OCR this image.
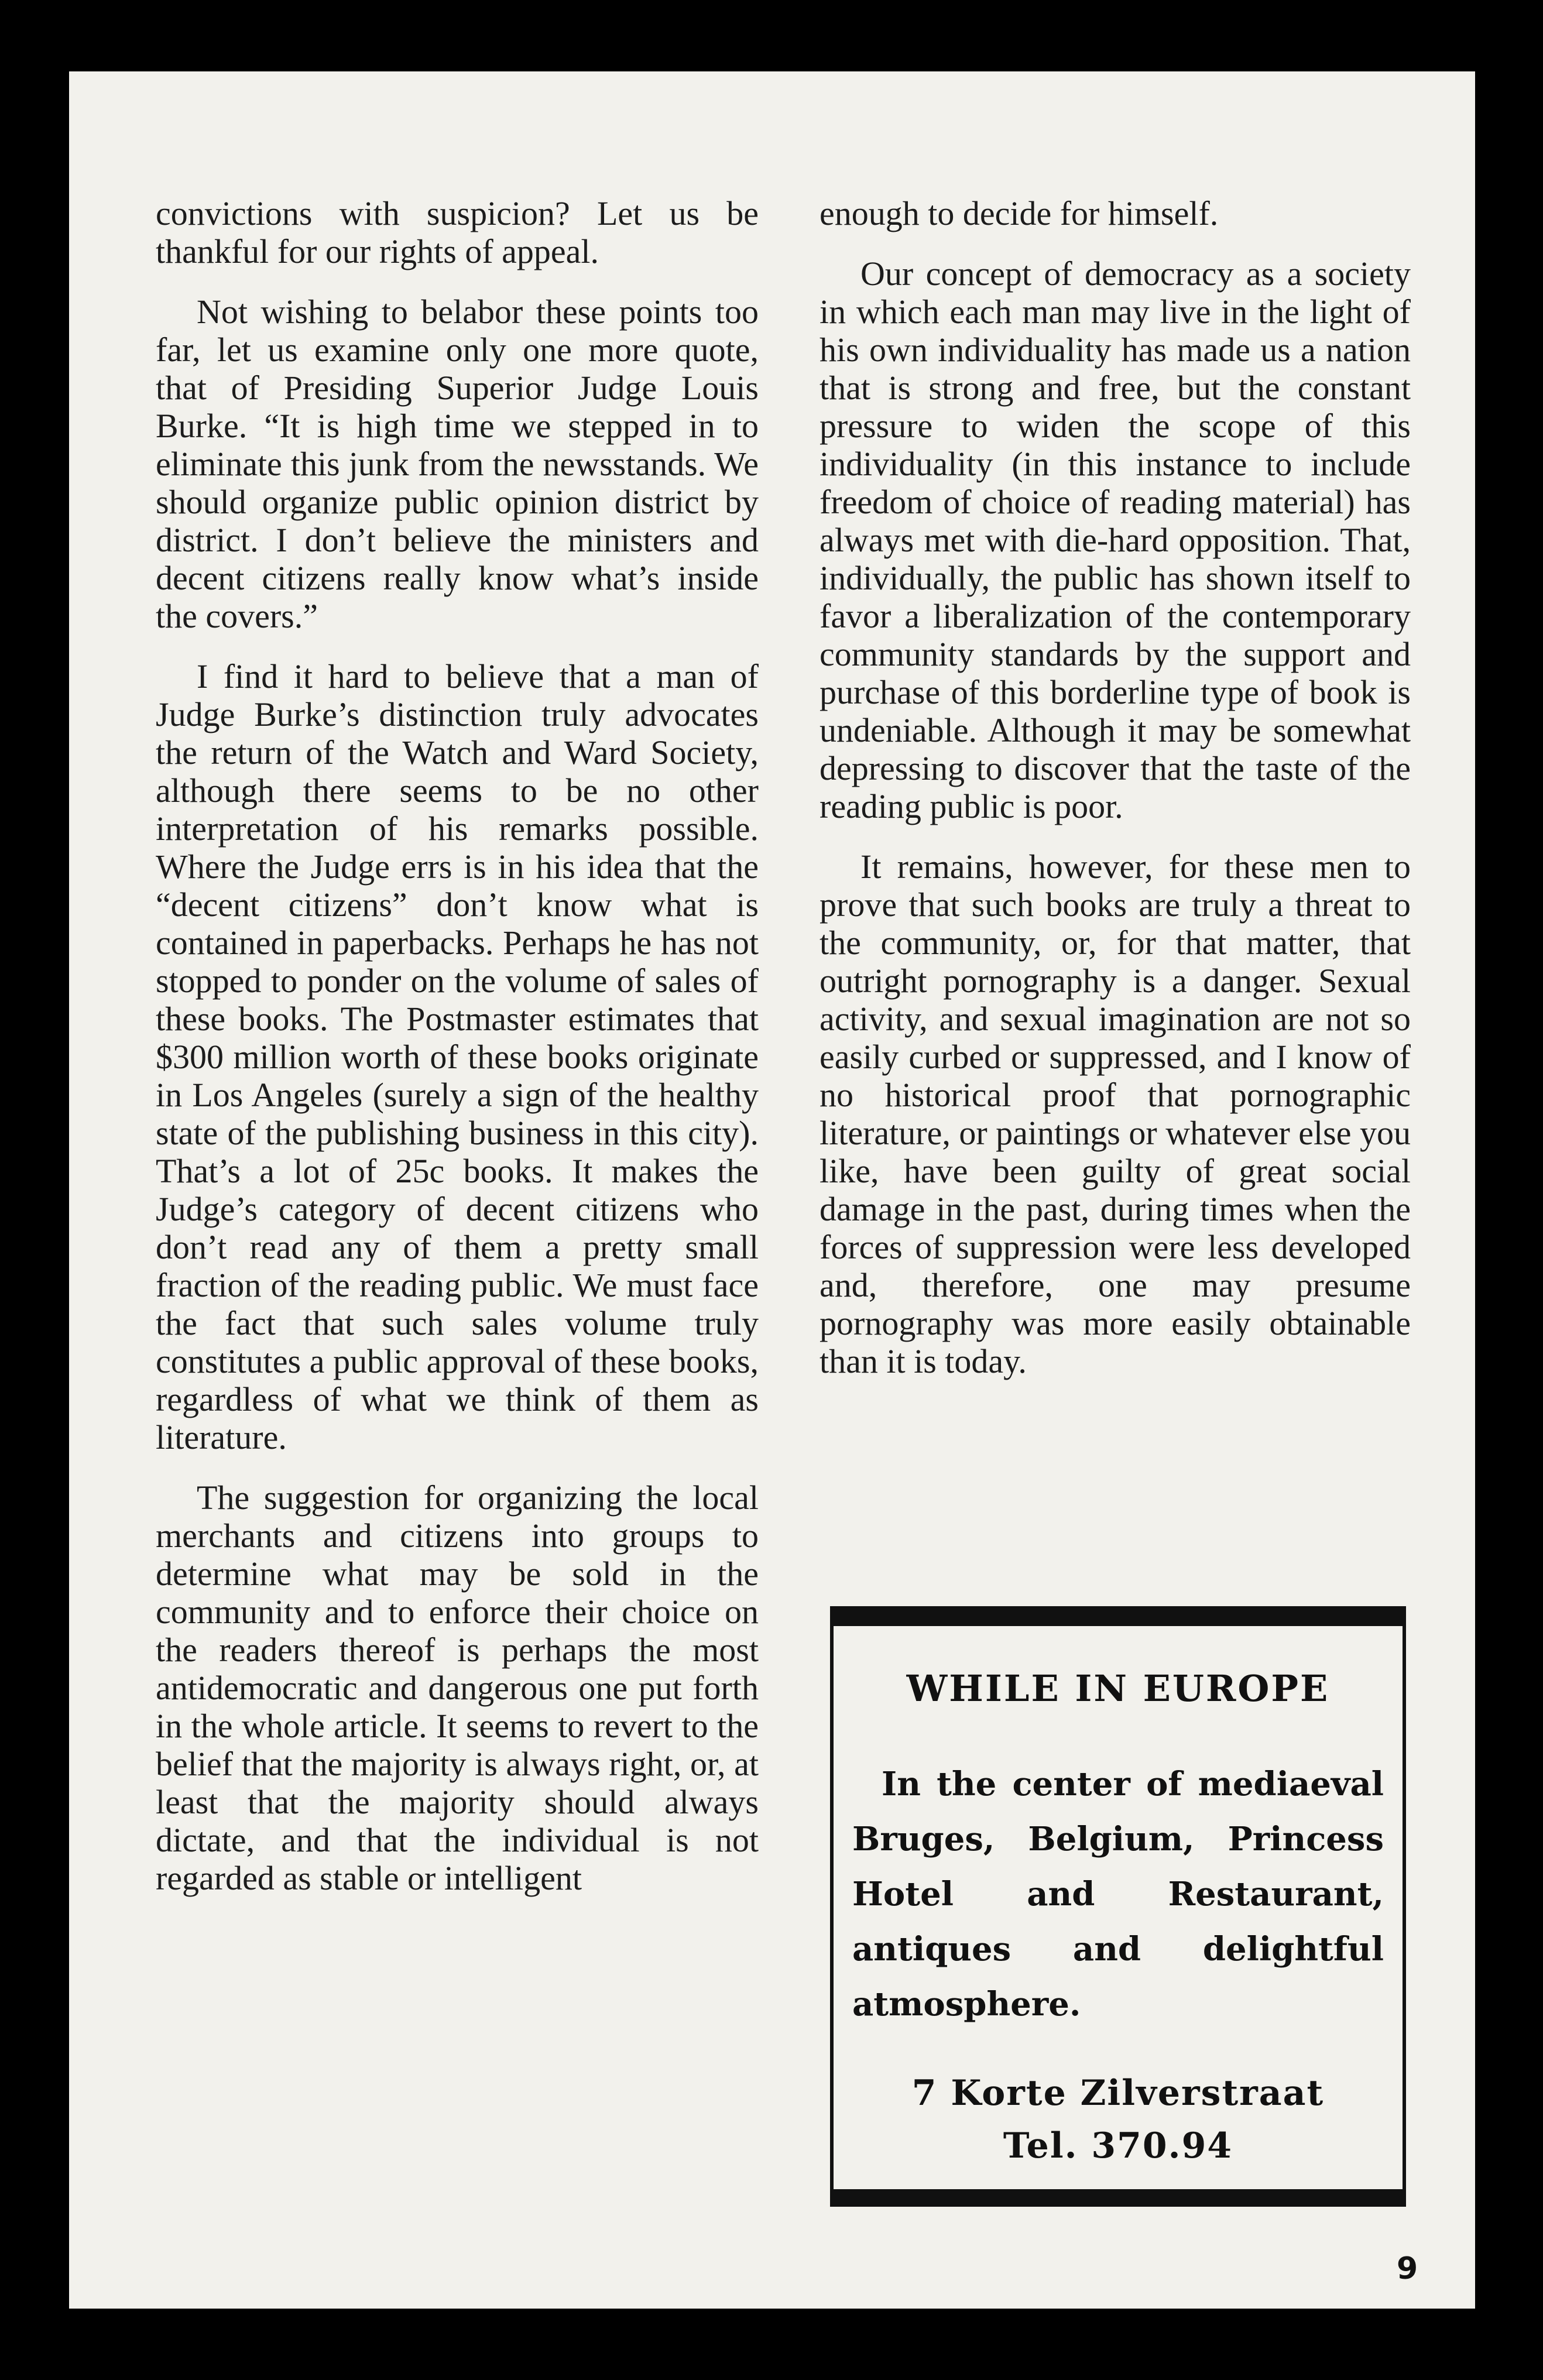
convictions with suspicion? Let us be thankful for our rights of appeal.

Not wishing to belabor these points too far, let us examine only one more quote, that of Presiding Superior Judge Louis Burke. “It is high time we stepped in to eliminate this junk from the newsstands. We should organize public opinion district by district. I don’t believe the ministers and decent citizens really know what’s inside the covers.”

I find it hard to believe that a man of Judge Burke’s distinction truly advocates the return of the Watch and Ward Society, although there seems to be no other interpretation of his remarks possible. Where the Judge errs is in his idea that the “decent citizens” don’t know what is contained in paperbacks. Perhaps he has not stopped to ponder on the volume of sales of these books. The Postmaster estimates that $300 million worth of these books originate in Los Angeles (surely a sign of the healthy state of the publishing business in this city). That’s a lot of 25c books. It makes the Judge’s category of decent citizens who don’t read any of them a pretty small fraction of the reading public. We must face the fact that such sales volume truly constitutes a public approval of these books, regardless of what we think of them as literature.

The suggestion for organizing the local merchants and citizens into groups to determine what may be sold in the community and to enforce their choice on the readers thereof is perhaps the most antidemocratic and dangerous one put forth in the whole article. It seems to revert to the belief that the majority is always right, or, at least that the majority should always dictate, and that the individual is not regarded as stable or intelligent

enough to decide for himself.

Our concept of democracy as a society in which each man may live in the light of his own individuality has made us a nation that is strong and free, but the constant pressure to widen the scope of this individuality (in this instance to include freedom of choice of reading material) has always met with die-hard opposition. That, individually, the public has shown itself to favor a liberalization of the contemporary community standards by the support and purchase of this borderline type of book is undeniable. Although it may be somewhat depressing to discover that the taste of the reading public is poor.

It remains, however, for these men to prove that such books are truly a threat to the community, or, for that matter, that outright pornography is a danger. Sexual activity, and sexual imagination are not so easily curbed or suppressed, and I know of no historical proof that pornographic literature, or paintings or whatever else you like, have been guilty of great social damage in the past, during times when the forces of suppression were less developed and, therefore, one may presume pornography was more easily obtainable than it is today.

WHILE IN EUROPE
In the center of mediaeval Bruges, Belgium, Princess Hotel and Restaurant, antiques and delightful atmosphere.
7 Korte Zilverstraat
Tel. 370.94
9
